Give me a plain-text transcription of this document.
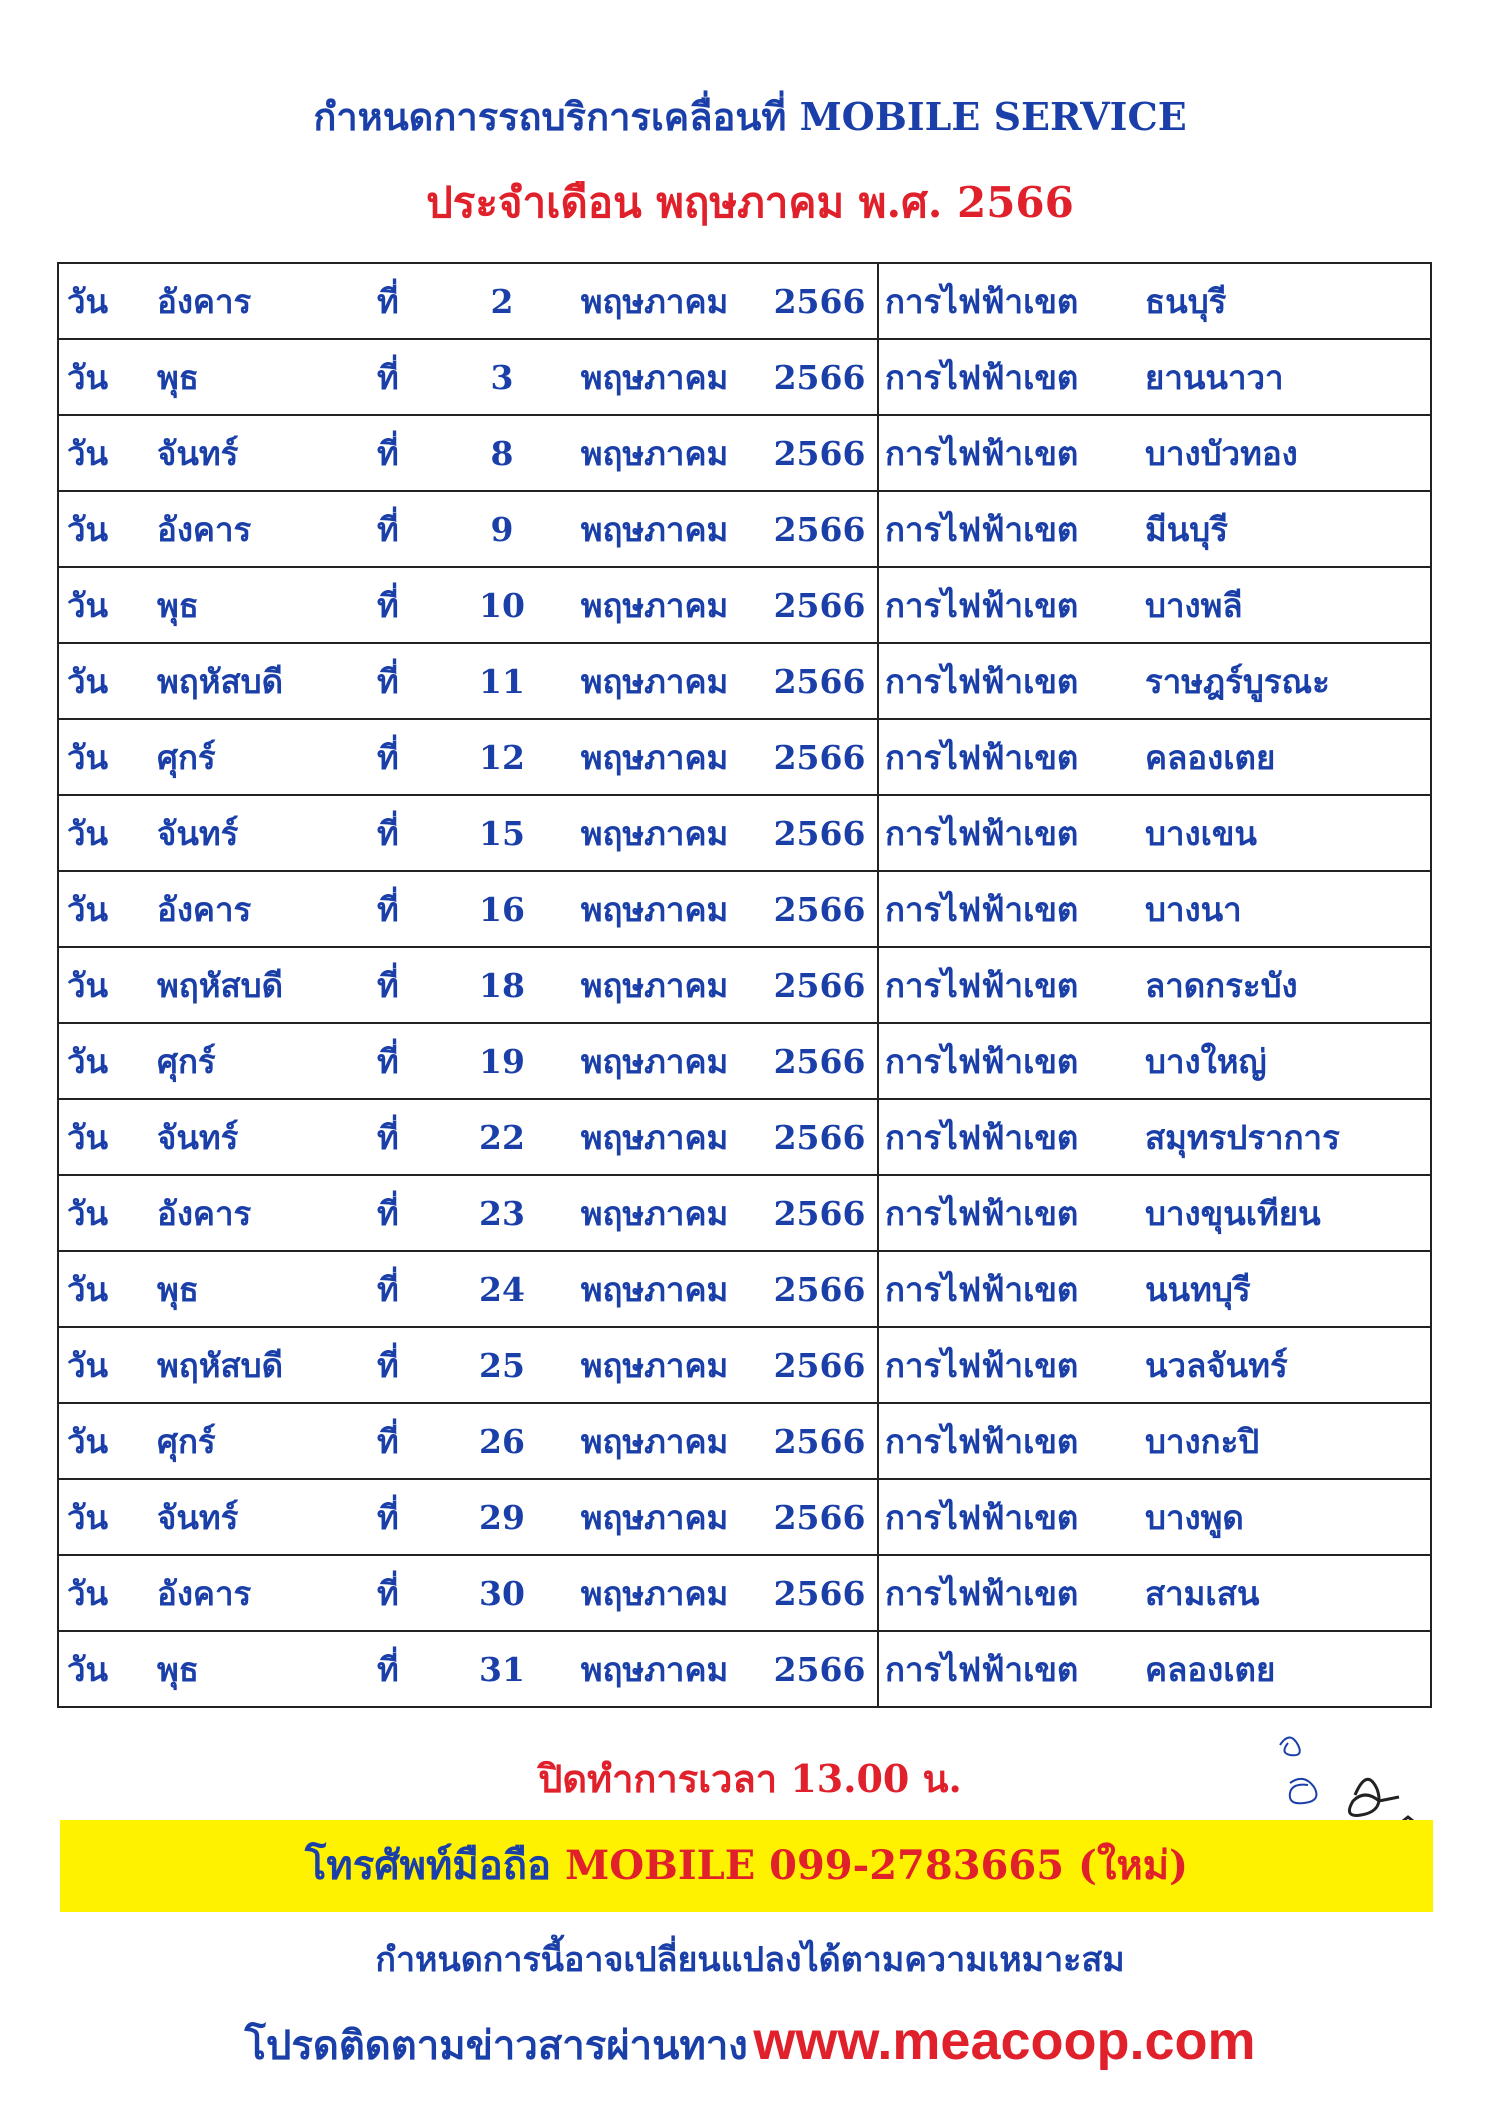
กำหนดการรถบริการเคลื่อนที่ MOBILE SERVICE
ประจำเดือน พฤษภาคม พ.ศ. 2566
วัน	อังคาร	ที่	2	พฤษภาคม	2566	การไฟฟ้าเขต	ธนบุรี
วัน	พุธ	ที่	3	พฤษภาคม	2566	การไฟฟ้าเขต	ยานนาวา
วัน	จันทร์	ที่	8	พฤษภาคม	2566	การไฟฟ้าเขต	บางบัวทอง
วัน	อังคาร	ที่	9	พฤษภาคม	2566	การไฟฟ้าเขต	มีนบุรี
วัน	พุธ	ที่	10	พฤษภาคม	2566	การไฟฟ้าเขต	บางพลี
วัน	พฤหัสบดี	ที่	11	พฤษภาคม	2566	การไฟฟ้าเขต	ราษฎร์บูรณะ
วัน	ศุกร์	ที่	12	พฤษภาคม	2566	การไฟฟ้าเขต	คลองเตย
วัน	จันทร์	ที่	15	พฤษภาคม	2566	การไฟฟ้าเขต	บางเขน
วัน	อังคาร	ที่	16	พฤษภาคม	2566	การไฟฟ้าเขต	บางนา
วัน	พฤหัสบดี	ที่	18	พฤษภาคม	2566	การไฟฟ้าเขต	ลาดกระบัง
วัน	ศุกร์	ที่	19	พฤษภาคม	2566	การไฟฟ้าเขต	บางใหญ่
วัน	จันทร์	ที่	22	พฤษภาคม	2566	การไฟฟ้าเขต	สมุทรปราการ
วัน	อังคาร	ที่	23	พฤษภาคม	2566	การไฟฟ้าเขต	บางขุนเทียน
วัน	พุธ	ที่	24	พฤษภาคม	2566	การไฟฟ้าเขต	นนทบุรี
วัน	พฤหัสบดี	ที่	25	พฤษภาคม	2566	การไฟฟ้าเขต	นวลจันทร์
วัน	ศุกร์	ที่	26	พฤษภาคม	2566	การไฟฟ้าเขต	บางกะปิ
วัน	จันทร์	ที่	29	พฤษภาคม	2566	การไฟฟ้าเขต	บางพูด
วัน	อังคาร	ที่	30	พฤษภาคม	2566	การไฟฟ้าเขต	สามเสน
วัน	พุธ	ที่	31	พฤษภาคม	2566	การไฟฟ้าเขต	คลองเตย
ปิดทำการเวลา 13.00 น.
โทรศัพท์มือถือ MOBILE 099-2783665 (ใหม่)
กำหนดการนี้อาจเปลี่ยนแปลงได้ตามความเหมาะสม
โปรดติดตามข่าวสารผ่านทาง www.meacoop.com
